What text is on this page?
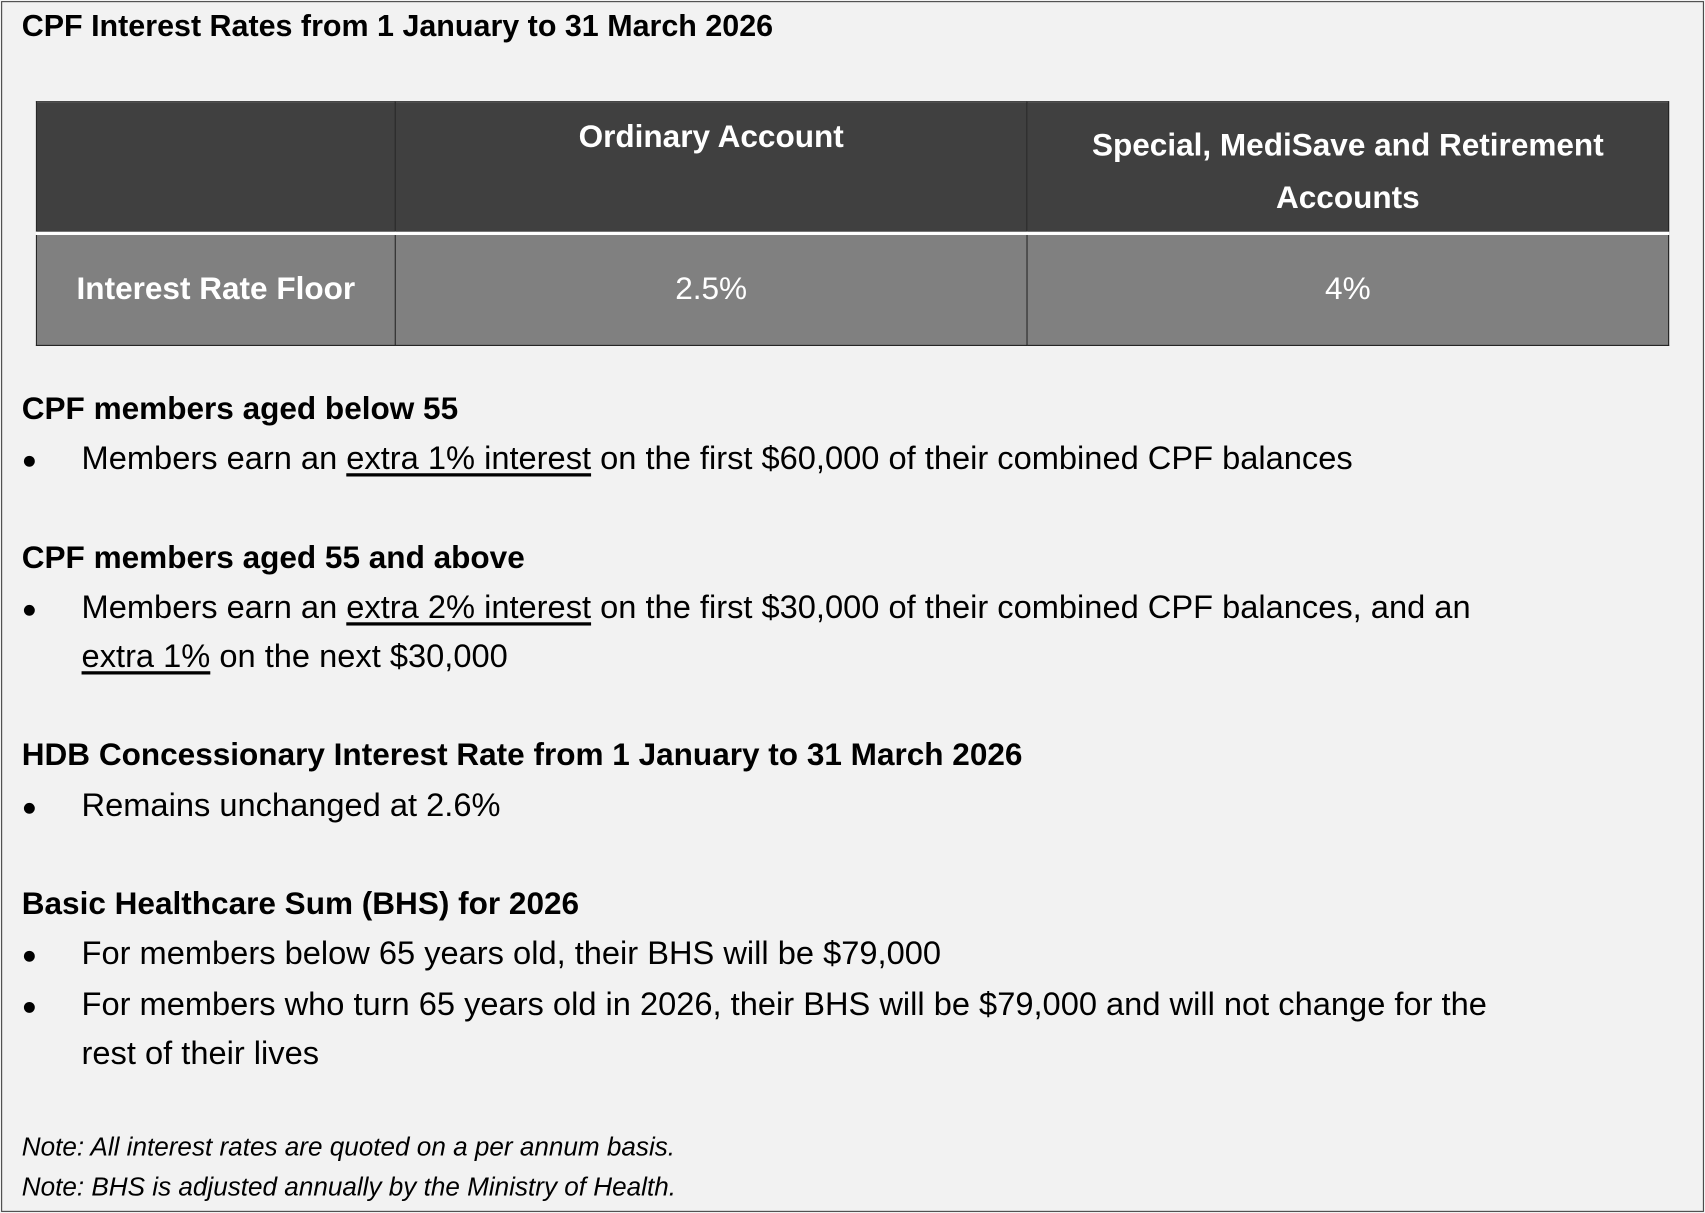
CPF Interest Rates from 1 January to 31 March 2026
	Ordinary Account	Special, MediSave and Retirement Accounts
Interest Rate Floor	2.5%	4%
CPF members aged below 55
Members earn an extra 1% interest on the first $60,000 of their combined CPF balances
CPF members aged 55 and above
Members earn an extra 2% interest on the first $30,000 of their combined CPF balances, and an
extra 1% on the next $30,000
HDB Concessionary Interest Rate from 1 January to 31 March 2026
Remains unchanged at 2.6%
Basic Healthcare Sum (BHS) for 2026
For members below 65 years old, their BHS will be $79,000
For members who turn 65 years old in 2026, their BHS will be $79,000 and will not change for the
rest of their lives
Note: All interest rates are quoted on a per annum basis.
Note: BHS is adjusted annually by the Ministry of Health.
